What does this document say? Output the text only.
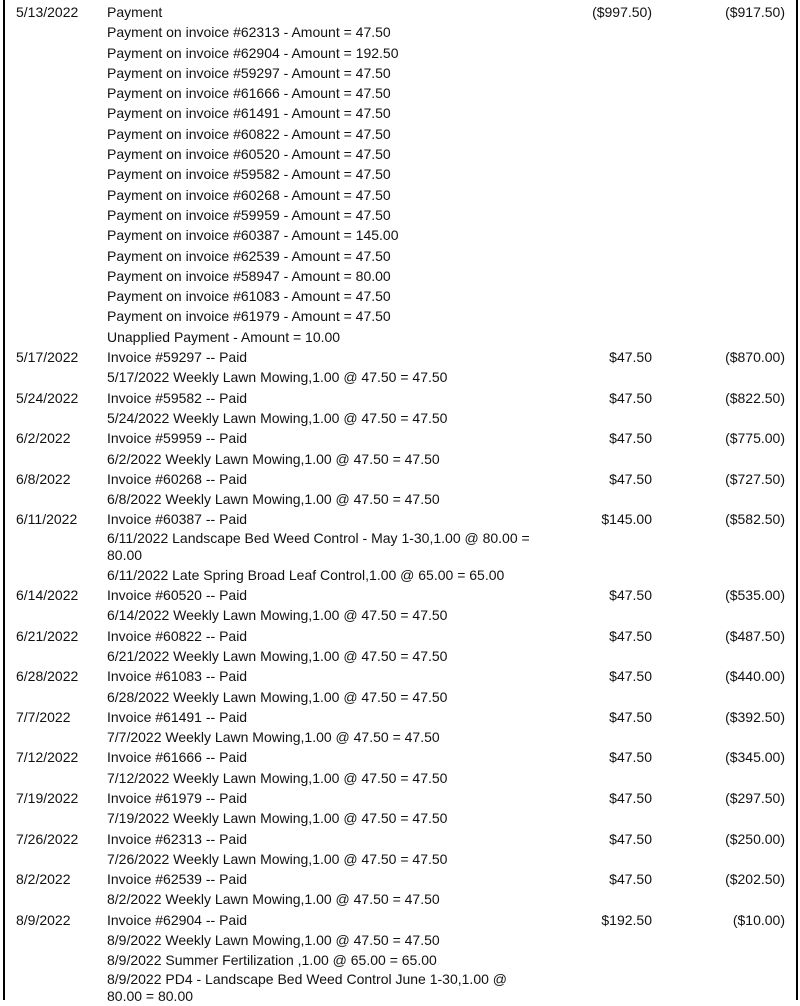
5/13/2022 Payment	($997.50)	($917.50)
Payment on invoice #62313 - Amount = 47.50
Payment on invoice #62904 - Amount = 192.50
Payment on invoice #59297 - Amount = 47.50
Payment on invoice #61666 - Amount = 47.50
Payment on invoice #61491 - Amount = 47.50
Payment on invoice #60822 - Amount = 47.50
Payment on invoice #60520 - Amount = 47.50
Payment on invoice #59582 - Amount = 47.50
Payment on invoice #60268 - Amount = 47.50
Payment on invoice #59959 - Amount = 47.50
Payment on invoice #60387 - Amount = 145.00
Payment on invoice #62539 - Amount = 47.50
Payment on invoice #58947 - Amount = 80.00
Payment on invoice #61083 - Amount = 47.50
Payment on invoice #61979 - Amount = 47.50
Unapplied Payment - Amount = 10.00
5/17/2022 Invoice #59297 -- Paid	$47.50	($870.00)
5/17/2022 Weekly Lawn Mowing,1.00 @ 47.50 = 47.50
5/24/2022 Invoice #59582 -- Paid	$47.50	($822.50)
5/24/2022 Weekly Lawn Mowing,1.00 @ 47.50 = 47.50
6/2/2022	Invoice #59959 -- Paid	$47.50	($775.00)
6/2/2022 Weekly Lawn Mowing,1.00 @ 47.50 = 47.50
6/8/2022	Invoice #60268 -- Paid	$47.50	($727.50)
6/8/2022 Weekly Lawn Mowing,1.00 @ 47.50 = 47.50
6/11/2022 Invoice #60387 -- Paid	$145.00	($582.50)
6/11/2022 Landscape Bed Weed Control - May 1-30,1.00 @ 80.00 =
80.00
6/11/2022 Late Spring Broad Leaf Control,1.00 @ 65.00 = 65.00
6/14/2022 Invoice #60520 -- Paid	$47.50	($535.00)
6/14/2022 Weekly Lawn Mowing,1.00 @ 47.50 = 47.50
6/21/2022 Invoice #60822 -- Paid	$47.50	($487.50)
6/21/2022 Weekly Lawn Mowing,1.00 @ 47.50 = 47.50
6/28/2022 Invoice #61083 -- Paid	$47.50	($440.00)
6/28/2022 Weekly Lawn Mowing,1.00 @ 47.50 = 47.50
7/7/2022	Invoice #61491 -- Paid	$47.50	($392.50)
7/7/2022 Weekly Lawn Mowing,1.00 @ 47.50 = 47.50
7/12/2022 Invoice #61666 -- Paid	$47.50	($345.00)
7/12/2022 Weekly Lawn Mowing,1.00 @ 47.50 = 47.50
7/19/2022 Invoice #61979 -- Paid	$47.50	($297.50)
7/19/2022 Weekly Lawn Mowing,1.00 @ 47.50 = 47.50
7/26/2022 Invoice #62313 -- Paid	$47.50	($250.00)
7/26/2022 Weekly Lawn Mowing,1.00 @ 47.50 = 47.50
8/2/2022	Invoice #62539 -- Paid	$47.50	($202.50)
8/2/2022 Weekly Lawn Mowing,1.00 @ 47.50 = 47.50
8/9/2022	Invoice #62904 -- Paid	$192.50	($10.00)
8/9/2022 Weekly Lawn Mowing,1.00 @ 47.50 = 47.50
8/9/2022 Summer Fertilization ,1.00 @ 65.00 = 65.00
8/9/2022 PD4 - Landscape Bed Weed Control June 1-30,1.00 @
80.00 = 80.00
